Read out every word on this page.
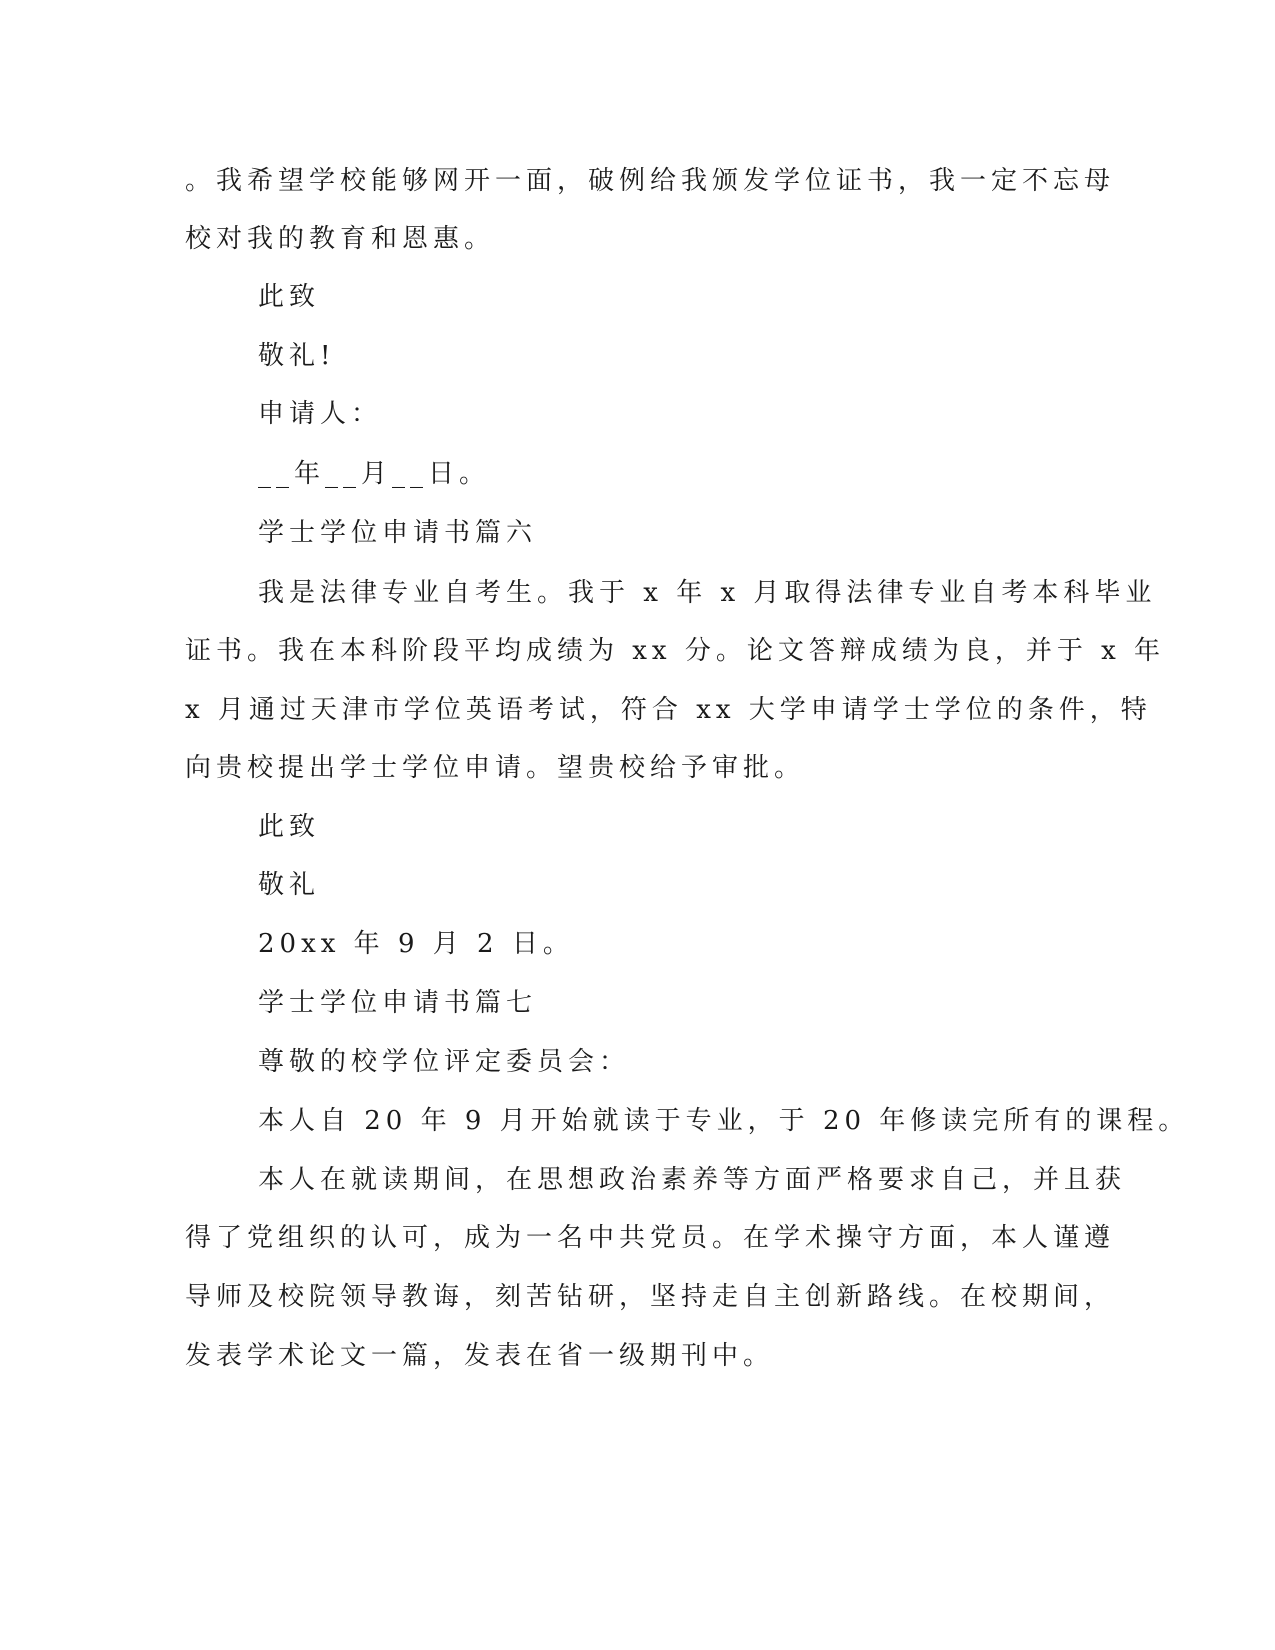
。我希望学校能够网开一面，破例给我颁发学位证书，我一定不忘母
校对我的教育和恩惠。
此致
敬礼!
申请人：
__年__月__日。
学士学位申请书篇六
我是法律专业自考生。我于 x 年 x 月取得法律专业自考本科毕业
证书。我在本科阶段平均成绩为 xx 分。论文答辩成绩为良，并于 x 年
x 月通过天津市学位英语考试，符合 xx 大学申请学士学位的条件，特
向贵校提出学士学位申请。望贵校给予审批。
此致
敬礼
20xx 年 9 月 2 日。
学士学位申请书篇七
尊敬的校学位评定委员会：
本人自 20 年 9 月开始就读于专业，于 20 年修读完所有的课程。
本人在就读期间，在思想政治素养等方面严格要求自己，并且获
得了党组织的认可，成为一名中共党员。在学术操守方面，本人谨遵
导师及校院领导教诲，刻苦钻研，坚持走自主创新路线。在校期间，
发表学术论文一篇，发表在省一级期刊中。
